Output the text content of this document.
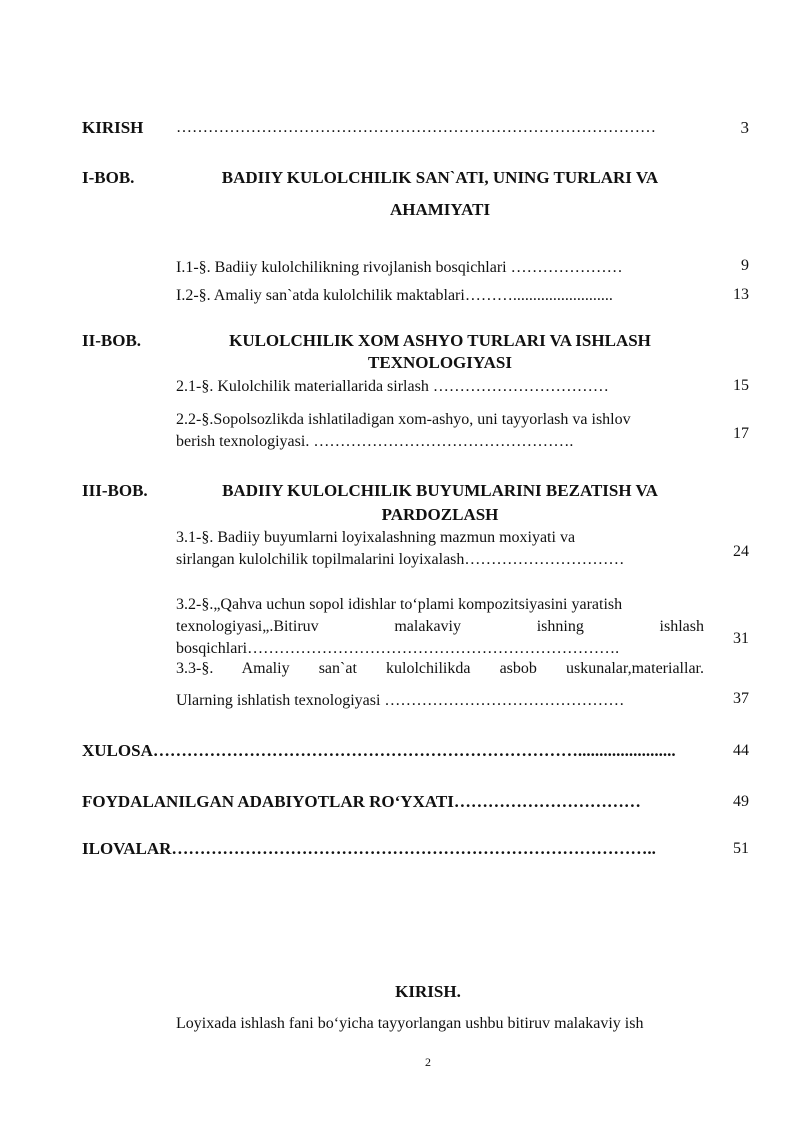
KIRISH ………………………………………………………………………………	3
I-BOB.	BADIIY KULOLCHILIK SAN`ATI, UNING TURLARI VA
AHAMIYATI
I.1-§. Badiiy kulolchilikning rivojlanish bosqichlari …………………	9
I.2-§. Amaliy san`atda kulolchilik maktablari……….........................	13
II-BOB.	KULOLCHILIK XOM ASHYO TURLARI VA ISHLASH
TEXNOLOGIYASI
2.1-§. Kulolchilik materiallarida sirlash ……………………………	15
2.2-§.Sopolsozlikda ishlatiladigan xom-ashyo, uni tayyorlash va ishlov
berish texnologiyasi. ………………………………………….	17
III-BOB.	BADIIY KULOLCHILIK BUYUMLARINI BEZATISH VA
PARDOZLASH
3.1-§. Badiiy buyumlarni loyixalashning mazmun moxiyati va
sirlangan kulolchilik topilmalarini loyixalash…………………………	24
3.2-§.„Qahva uchun sopol idishlar to‘plami kompozitsiyasini yaratish
texnologiyasi„.Bitiruv malakaviy ishning ishlash
bosqichlari…………………………………………………………….
31
3.3-§. Amaliy san`at kulolchilikda asbob uskunalar,materiallar.
Ularning ishlatish texnologiyasi ………………………………………	37
XULOSA………………………………………………………………….......................	44
FOYDALANILGAN ADABIYOTLAR RO‘YXATI……………………………	49
ILOVALAR…………………………………………………………………………..	51
KIRISH.
Loyixada ishlash fani bo‘yicha tayyorlangan ushbu bitiruv malakaviy ish
2
